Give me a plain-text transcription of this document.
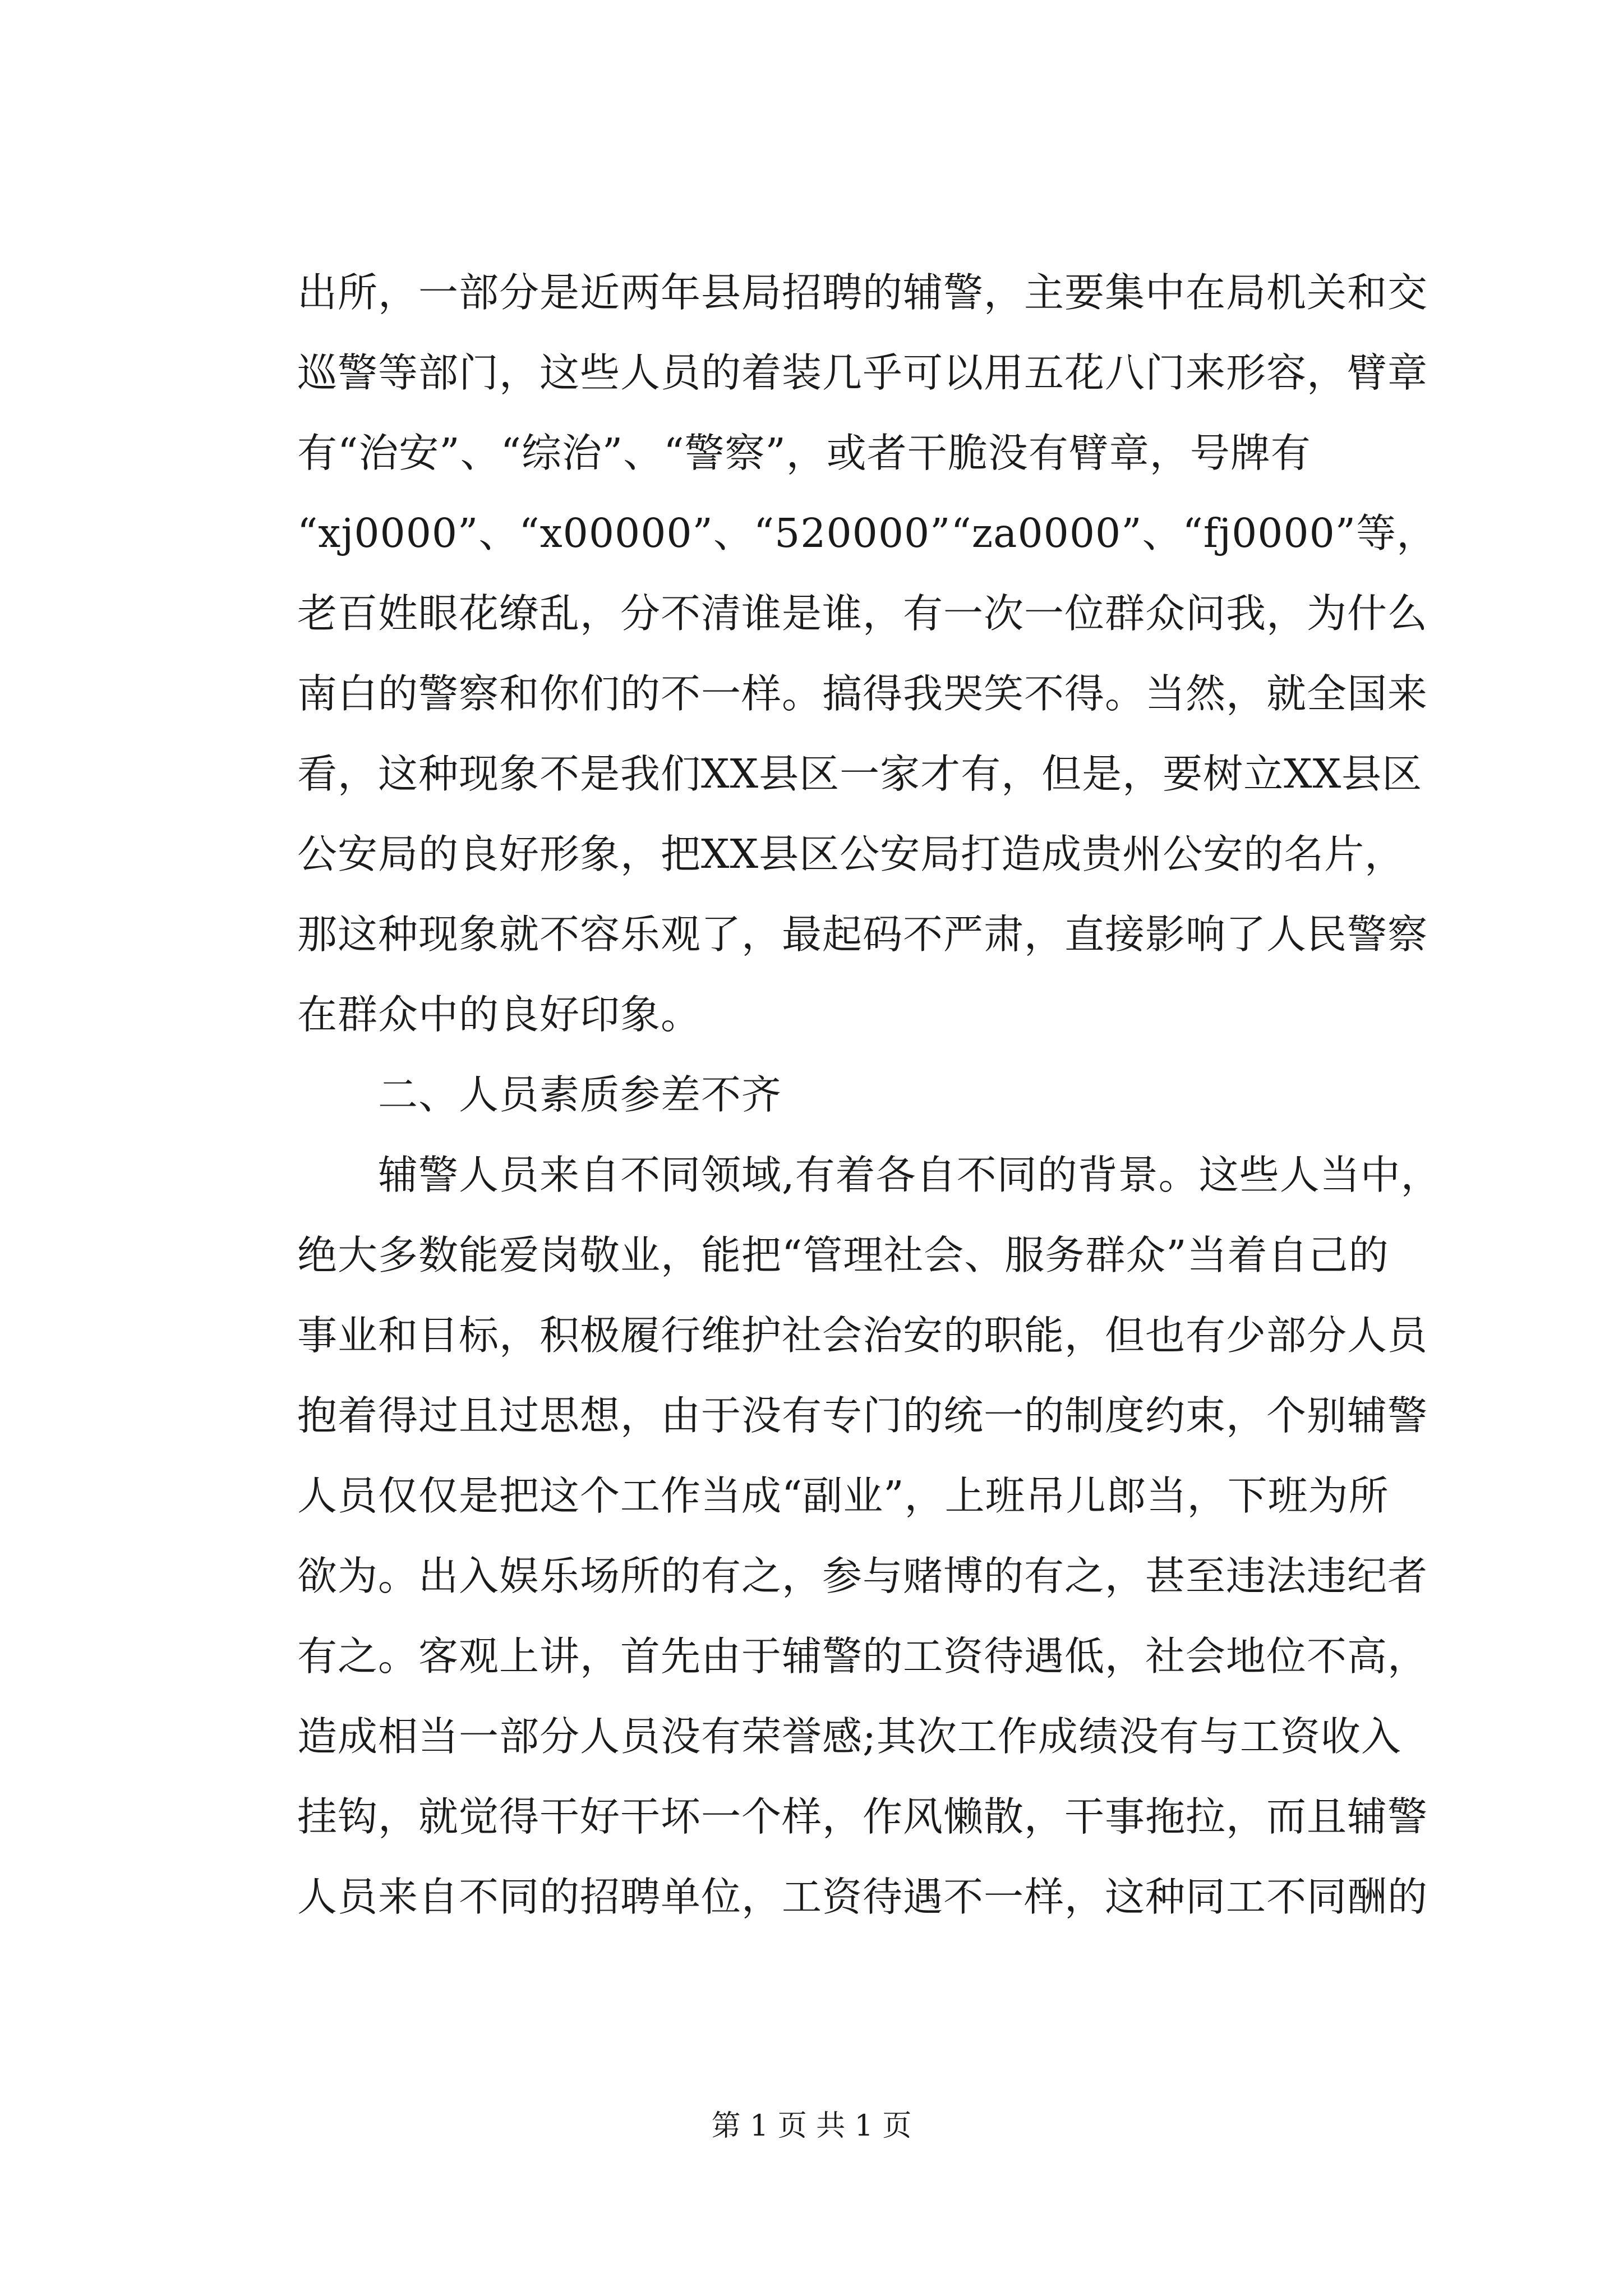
出所，一部分是近两年县局招聘的辅警，主要集中在局机关和交
巡警等部门，这些人员的着装几乎可以用五花八门来形容，臂章
有“治安”、“综治”、“警察”，或者干脆没有臂章，号牌有
“xj0000”、“x00000”、“520000”“za0000”、“fj0000”等，
老百姓眼花缭乱，分不清谁是谁，有一次一位群众问我，为什么
南白的警察和你们的不一样。搞得我哭笑不得。当然，就全国来
看，这种现象不是我们XX县区一家才有，但是，要树立XX县区
公安局的良好形象，把XX县区公安局打造成贵州公安的名片，
那这种现象就不容乐观了，最起码不严肃，直接影响了人民警察
在群众中的良好印象。
二、人员素质参差不齐
辅警人员来自不同领域,有着各自不同的背景。这些人当中，
绝大多数能爱岗敬业，能把“管理社会、服务群众”当着自己的
事业和目标，积极履行维护社会治安的职能，但也有少部分人员
抱着得过且过思想，由于没有专门的统一的制度约束，个别辅警
人员仅仅是把这个工作当成“副业”，上班吊儿郎当，下班为所
欲为。出入娱乐场所的有之，参与赌博的有之，甚至违法违纪者
有之。客观上讲，首先由于辅警的工资待遇低，社会地位不高，
造成相当一部分人员没有荣誉感;其次工作成绩没有与工资收入
挂钩，就觉得干好干坏一个样，作风懒散，干事拖拉，而且辅警
人员来自不同的招聘单位，工资待遇不一样，这种同工不同酬的
第 1 页 共 1 页
